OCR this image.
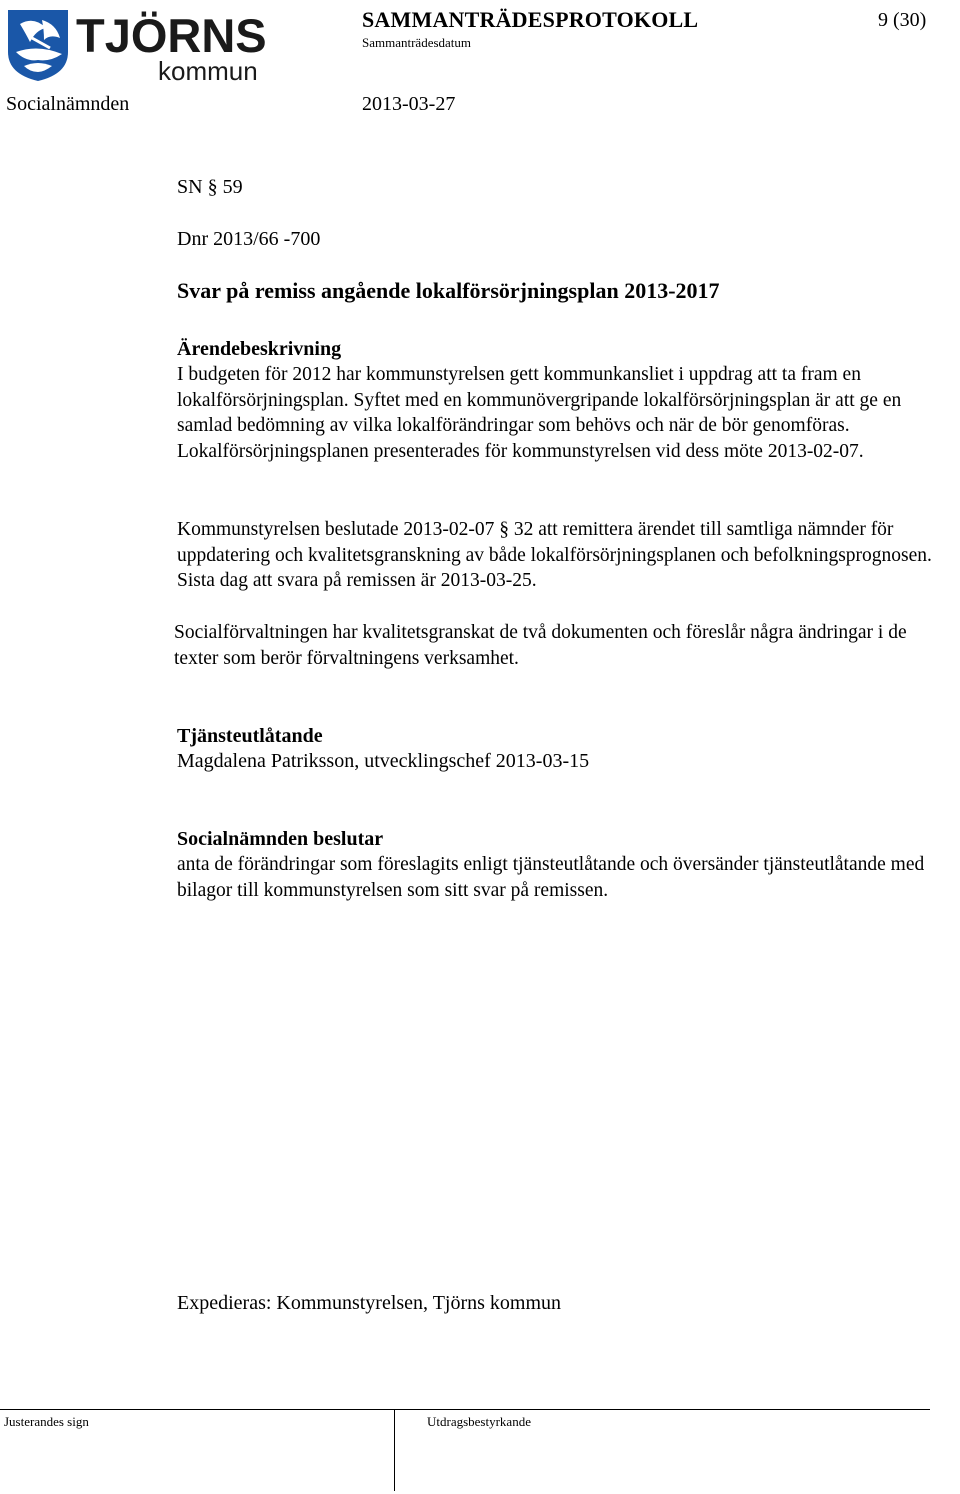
TJÖRNS
kommun
SAMMANTRÄDESPROTOKOLL
Sammanträdesdatum
9 (30)
Socialnämnden	2013-03-27
SN § 59
Dnr 2013/66 -700
Svar på remiss angående lokalförsörjningsplan 2013-2017
Ärendebeskrivning
I budgeten för 2012 har kommunstyrelsen gett kommunkansliet i uppdrag att ta fram en lokalförsörjningsplan. Syftet med en kommunövergripande lokalförsörjningsplan är att ge en samlad bedömning av vilka lokalförändringar som behövs och när de bör genomföras. Lokalförsörjningsplanen presenterades för kommunstyrelsen vid dess möte 2013-02-07.
Kommunstyrelsen beslutade 2013-02-07 § 32 att remittera ärendet till samtliga nämnder för uppdatering och kvalitetsgranskning av både lokalförsörjningsplanen och befolkningsprognosen. Sista dag att svara på remissen är 2013-03-25.
Socialförvaltningen har kvalitetsgranskat de två dokumenten och föreslår några ändringar i de texter som berör förvaltningens verksamhet.
Tjänsteutlåtande
Magdalena Patriksson, utvecklingschef 2013-03-15
Socialnämnden beslutar
anta de förändringar som föreslagits enligt tjänsteutlåtande och översänder tjänsteutlåtande med bilagor till kommunstyrelsen som sitt svar på remissen.
Expedieras: Kommunstyrelsen, Tjörns kommun
Justerandes sign	Utdragsbestyrkande
